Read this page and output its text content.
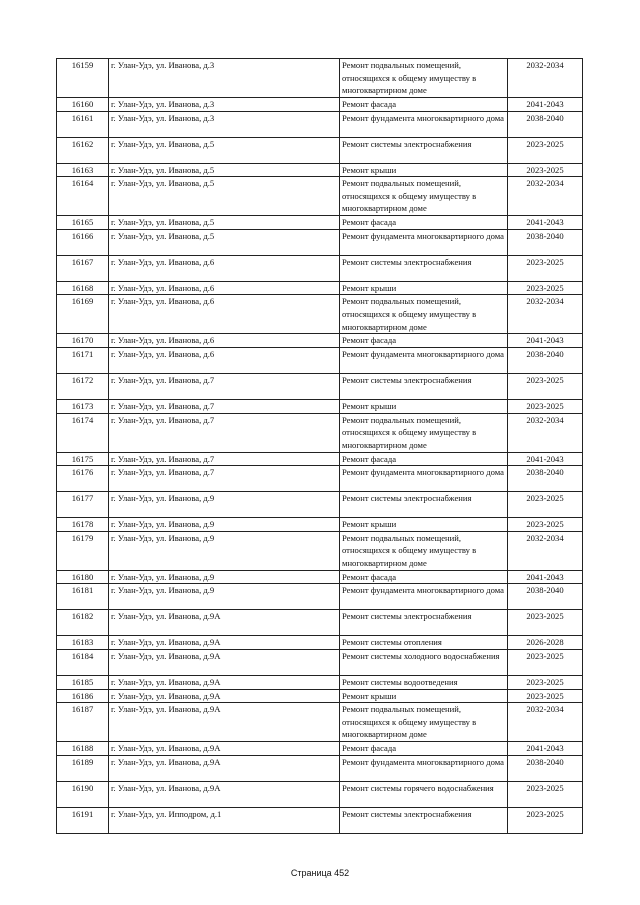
16159	г. Улан-Удэ, ул. Иванова, д.3	Ремонт подвальных помещений, относящихся к общему имуществу в многоквартирном доме	2032-2034
16160	г. Улан-Удэ, ул. Иванова, д.3	Ремонт фасада	2041-2043
16161	г. Улан-Удэ, ул. Иванова, д.3	Ремонт фундамента многоквартирного дома	2038-2040
16162	г. Улан-Удэ, ул. Иванова, д.5	Ремонт системы электроснабжения	2023-2025
16163	г. Улан-Удэ, ул. Иванова, д.5	Ремонт крыши	2023-2025
16164	г. Улан-Удэ, ул. Иванова, д.5	Ремонт подвальных помещений, относящихся к общему имуществу в многоквартирном доме	2032-2034
16165	г. Улан-Удэ, ул. Иванова, д.5	Ремонт фасада	2041-2043
16166	г. Улан-Удэ, ул. Иванова, д.5	Ремонт фундамента многоквартирного дома	2038-2040
16167	г. Улан-Удэ, ул. Иванова, д.6	Ремонт системы электроснабжения	2023-2025
16168	г. Улан-Удэ, ул. Иванова, д.6	Ремонт крыши	2023-2025
16169	г. Улан-Удэ, ул. Иванова, д.6	Ремонт подвальных помещений, относящихся к общему имуществу в многоквартирном доме	2032-2034
16170	г. Улан-Удэ, ул. Иванова, д.6	Ремонт фасада	2041-2043
16171	г. Улан-Удэ, ул. Иванова, д.6	Ремонт фундамента многоквартирного дома	2038-2040
16172	г. Улан-Удэ, ул. Иванова, д.7	Ремонт системы электроснабжения	2023-2025
16173	г. Улан-Удэ, ул. Иванова, д.7	Ремонт крыши	2023-2025
16174	г. Улан-Удэ, ул. Иванова, д.7	Ремонт подвальных помещений, относящихся к общему имуществу в многоквартирном доме	2032-2034
16175	г. Улан-Удэ, ул. Иванова, д.7	Ремонт фасада	2041-2043
16176	г. Улан-Удэ, ул. Иванова, д.7	Ремонт фундамента многоквартирного дома	2038-2040
16177	г. Улан-Удэ, ул. Иванова, д.9	Ремонт системы электроснабжения	2023-2025
16178	г. Улан-Удэ, ул. Иванова, д.9	Ремонт крыши	2023-2025
16179	г. Улан-Удэ, ул. Иванова, д.9	Ремонт подвальных помещений, относящихся к общему имуществу в многоквартирном доме	2032-2034
16180	г. Улан-Удэ, ул. Иванова, д.9	Ремонт фасада	2041-2043
16181	г. Улан-Удэ, ул. Иванова, д.9	Ремонт фундамента многоквартирного дома	2038-2040
16182	г. Улан-Удэ, ул. Иванова, д.9А	Ремонт системы электроснабжения	2023-2025
16183	г. Улан-Удэ, ул. Иванова, д.9А	Ремонт системы отопления	2026-2028
16184	г. Улан-Удэ, ул. Иванова, д.9А	Ремонт системы холодного водоснабжения	2023-2025
16185	г. Улан-Удэ, ул. Иванова, д.9А	Ремонт системы водоотведения	2023-2025
16186	г. Улан-Удэ, ул. Иванова, д.9А	Ремонт крыши	2023-2025
16187	г. Улан-Удэ, ул. Иванова, д.9А	Ремонт подвальных помещений, относящихся к общему имуществу в многоквартирном доме	2032-2034
16188	г. Улан-Удэ, ул. Иванова, д.9А	Ремонт фасада	2041-2043
16189	г. Улан-Удэ, ул. Иванова, д.9А	Ремонт фундамента многоквартирного дома	2038-2040
16190	г. Улан-Удэ, ул. Иванова, д.9А	Ремонт системы горячего водоснабжения	2023-2025
16191	г. Улан-Удэ, ул. Ипподром, д.1	Ремонт системы электроснабжения	2023-2025
Страница 452
